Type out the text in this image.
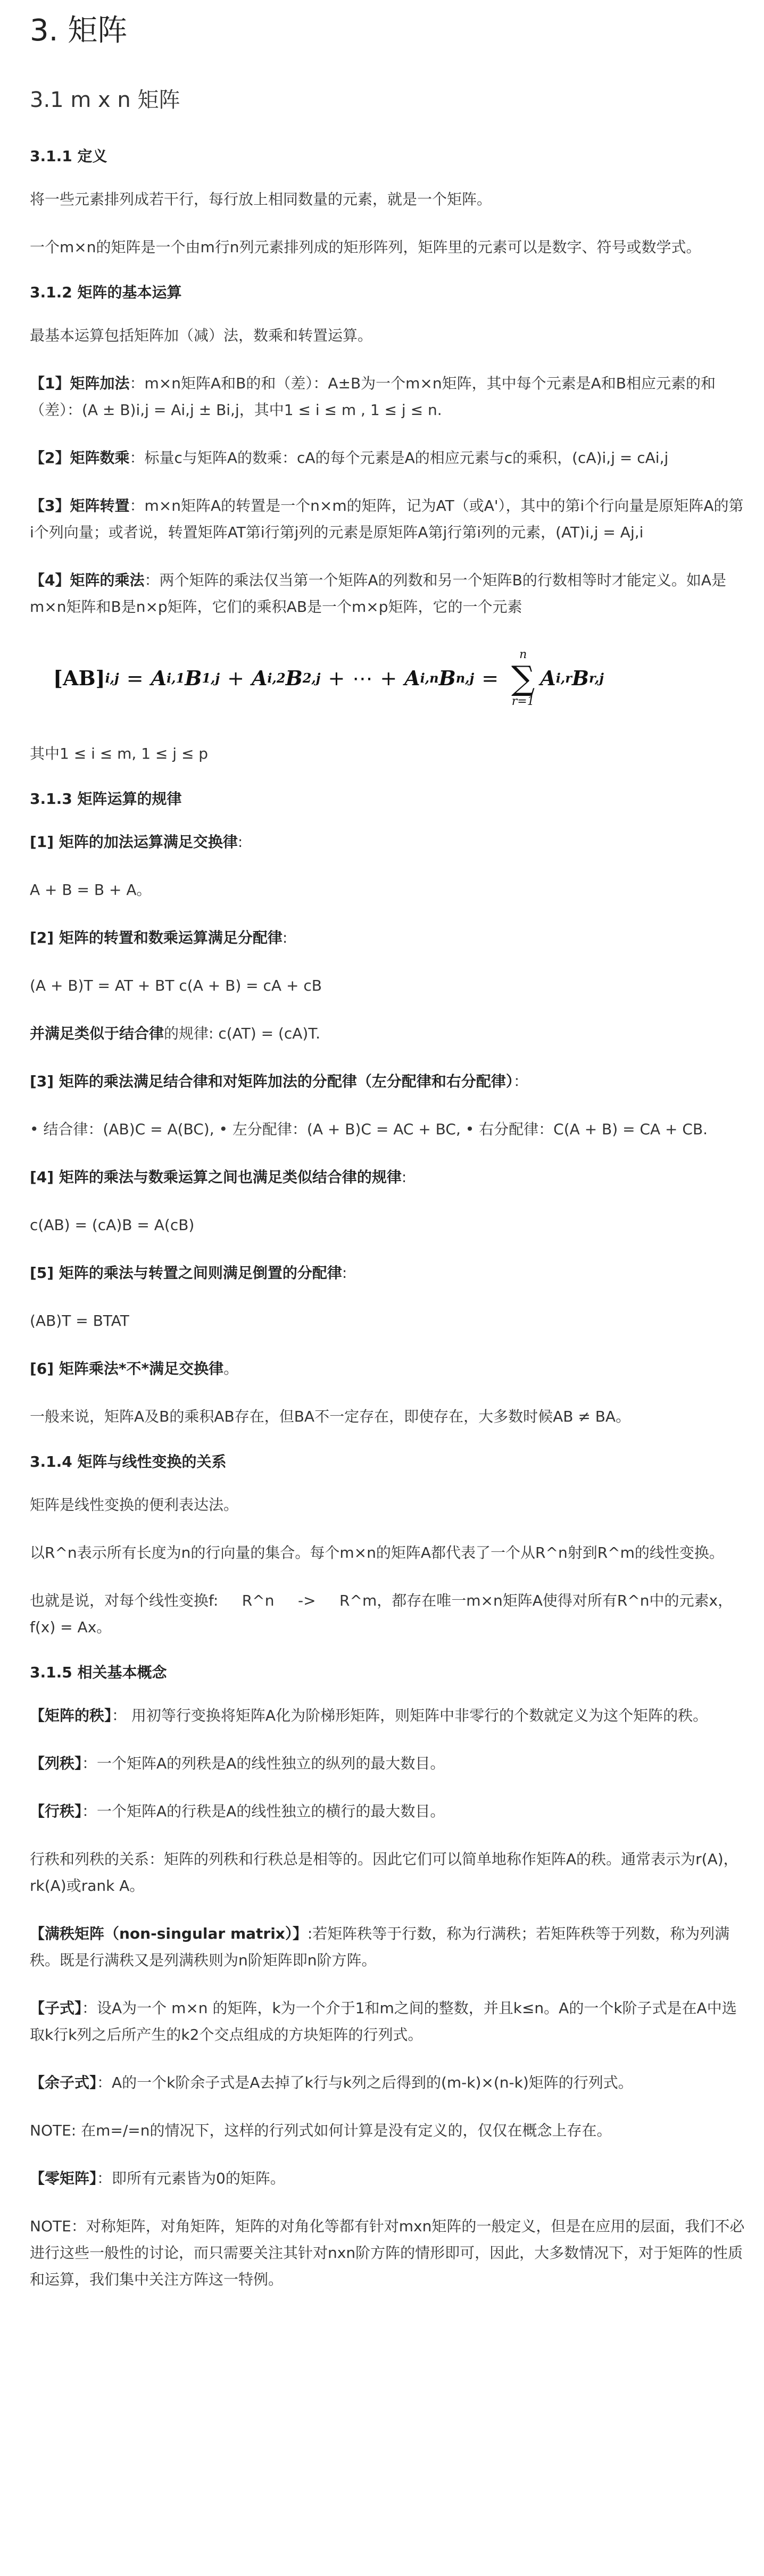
3. 矩阵
3.1 m x n 矩阵
3.1.1 定义

将一些元素排列成若干行，每行放上相同数量的元素，就是一个矩阵。

一个m×n的矩阵是一个由m行n列元素排列成的矩形阵列，矩阵里的元素可以是数字、符号或数学式。

3.1.2 矩阵的基本运算

最基本运算包括矩阵加（减）法，数乘和转置运算。

【1】矩阵加法：m×n矩阵A和B的和（差）：A±B为一个m×n矩阵，其中每个元素是A和B相应元素的和（差）：(A ± B)i,j = Ai,j ± Bi,j，其中1 ≤ i ≤ m , 1 ≤ j ≤ n.

【2】矩阵数乘：标量c与矩阵A的数乘：cA的每个元素是A的相应元素与c的乘积，(cA)i,j = cAi,j

【3】矩阵转置：m×n矩阵A的转置是一个n×m的矩阵，记为AT（或A'），其中的第i个行向量是原矩阵A的第i个列向量；或者说，转置矩阵AT第i行第j列的元素是原矩阵A第j行第i列的元素，(AT)i,j = Aj,i

【4】矩阵的乘法：两个矩阵的乘法仅当第一个矩阵A的列数和另一个矩阵B的行数相等时才能定义。如A是m×n矩阵和B是n×p矩阵，它们的乘积AB是一个m×p矩阵，它的一个元素

[AB] i,j = A i,1 B 1,j + A i,2 B 2,j + ⋯ + A i,n B n,j =
n
∑
r=1
A i,r B r,j

其中1 ≤ i ≤ m, 1 ≤ j ≤ p

3.1.3 矩阵运算的规律

[1] 矩阵的加法运算满足交换律:

A + B = B + A。

[2] 矩阵的转置和数乘运算满足分配律:

(A + B)T = AT + BT c(A + B) = cA + cB

并满足类似于结合律的规律: c(AT) = (cA)T.

[3] 矩阵的乘法满足结合律和对矩阵加法的分配律（左分配律和右分配律）：

• 结合律：(AB)C = A(BC), • 左分配律：(A + B)C = AC + BC, • 右分配律：C(A + B) = CA + CB.

[4] 矩阵的乘法与数乘运算之间也满足类似结合律的规律:

c(AB) = (cA)B = A(cB)

[5] 矩阵的乘法与转置之间则满足倒置的分配律:

(AB)T = BTAT

[6] 矩阵乘法*不*满足交换律。

一般来说，矩阵A及B的乘积AB存在，但BA不一定存在，即使存在，大多数时候AB ≠ BA。

3.1.4 矩阵与线性变换的关系

矩阵是线性变换的便利表达法。

以R^n表示所有长度为n的行向量的集合。每个m×n的矩阵A都代表了一个从R^n射到R^m的线性变换。

也就是说，对每个线性变换f:     R^n     ->     R^m，都存在唯一m×n矩阵A使得对所有R^n中的元素x，f(x) = Ax。

3.1.5 相关基本概念

【矩阵的秩】： 用初等行变换将矩阵A化为阶梯形矩阵，则矩阵中非零行的个数就定义为这个矩阵的秩。

【列秩】：一个矩阵A的列秩是A的线性独立的纵列的最大数目。

【行秩】：一个矩阵A的行秩是A的线性独立的横行的最大数目。

行秩和列秩的关系：矩阵的列秩和行秩总是相等的。因此它们可以简单地称作矩阵A的秩。通常表示为r(A)，rk(A)或rank A。

【满秩矩阵（non-singular matrix）】:若矩阵秩等于行数，称为行满秩；若矩阵秩等于列数，称为列满秩。既是行满秩又是列满秩则为n阶矩阵即n阶方阵。

【子式】：设A为一个 m×n 的矩阵，k为一个介于1和m之间的整数，并且k≤n。A的一个k阶子式是在A中选取k行k列之后所产生的k2个交点组成的方块矩阵的行列式。

【余子式】：A的一个k阶余子式是A去掉了k行与k列之后得到的(m-k)×(n-k)矩阵的行列式。

NOTE: 在m=/=n的情况下，这样的行列式如何计算是没有定义的，仅仅在概念上存在。

【零矩阵】：即所有元素皆为0的矩阵。

NOTE：对称矩阵，对角矩阵，矩阵的对角化等都有针对mxn矩阵的一般定义，但是在应用的层面，我们不必进行这些一般性的讨论，而只需要关注其针对nxn阶方阵的情形即可，因此，大多数情况下，对于矩阵的性质和运算，我们集中关注方阵这一特例。
